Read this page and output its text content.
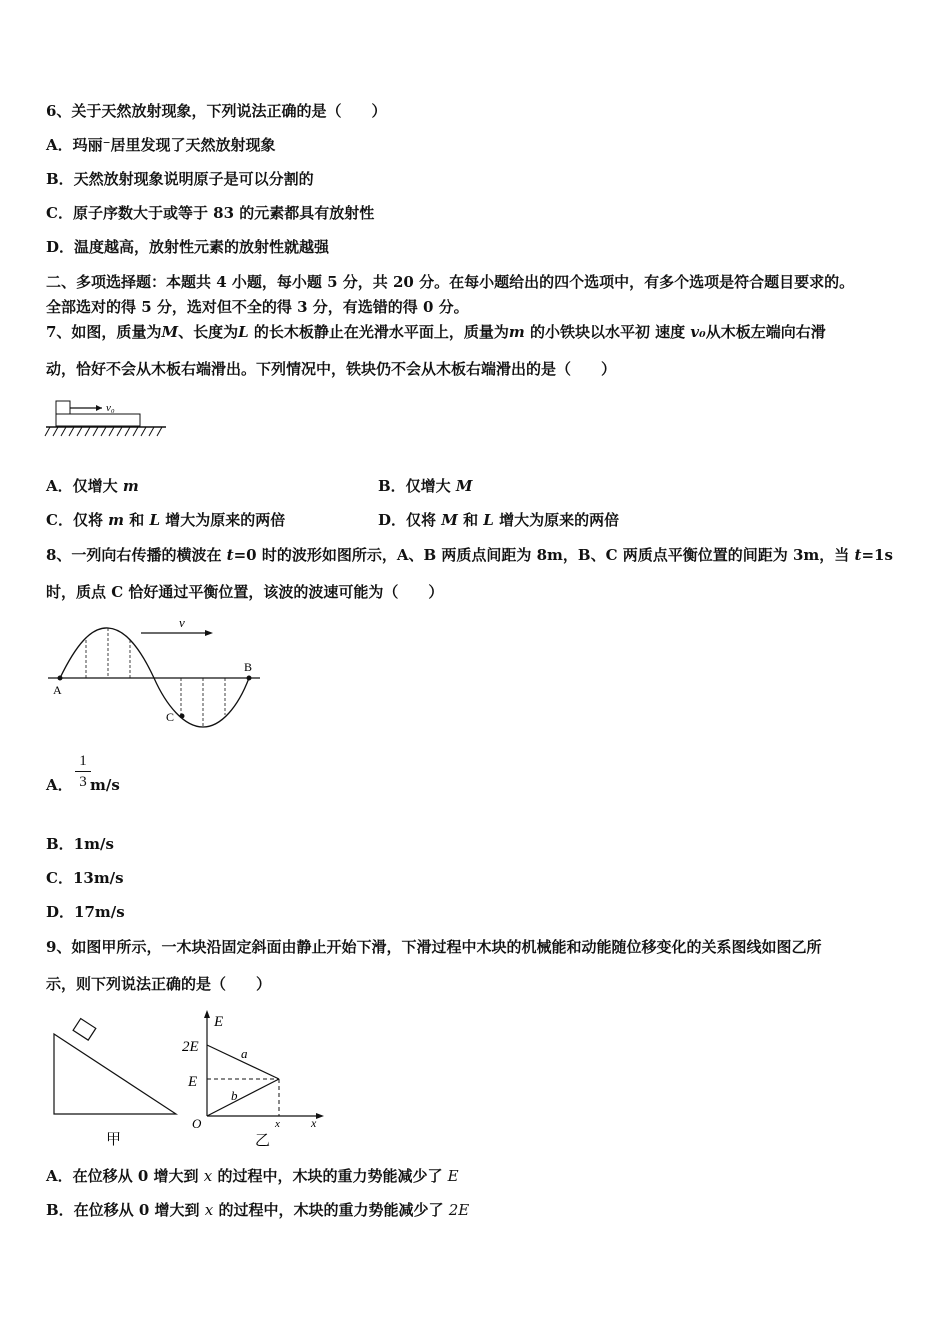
6、关于天然放射现象，下列说法正确的是（　　）
A．玛丽⁻居里发现了天然放射现象
B．天然放射现象说明原子是可以分割的
C．原子序数大于或等于 83 的元素都具有放射性
D．温度越高，放射性元素的放射性就越强
二、多项选择题：本题共 4 小题，每小题 5 分，共 20 分。在每小题给出的四个选项中，有多个选项是符合题目要求的。
全部选对的得 5 分，选对但不全的得 3 分，有选错的得 0 分。
7、如图，质量为M、长度为L 的长木板静止在光滑水平面上，质量为m 的小铁块以水平初 速度 v₀从木板左端向右滑
动，恰好不会从木板右端滑出。下列情况中，铁块仍不会从木板右端滑出的是（　　）
v₀
A．仅增大 m	B．仅增大 M
C．仅将 m 和 L 增大为原来的两倍	D．仅将 M 和 L 增大为原来的两倍
8、一列向右传播的横波在 t=0 时的波形如图所示，A、B 两质点间距为 8m，B、C 两质点平衡位置的间距为 3m，当 t=1s
时，质点 C 恰好通过平衡位置，该波的波速可能为（　　）
v
A
B
C
A．
1
3 m/s
B．1m/s
C．13m/s
D．17m/s
9、如图甲所示，一木块沿固定斜面由静止开始下滑，下滑过程中木块的机械能和动能随位移变化的关系图线如图乙所
示，则下列说法正确的是（　　）
甲
E
2E
E
a
b
O	x	x
乙
A．在位移从 0 增大到 x 的过程中，木块的重力势能减少了 E
B．在位移从 0 增大到 x 的过程中，木块的重力势能减少了 2E
